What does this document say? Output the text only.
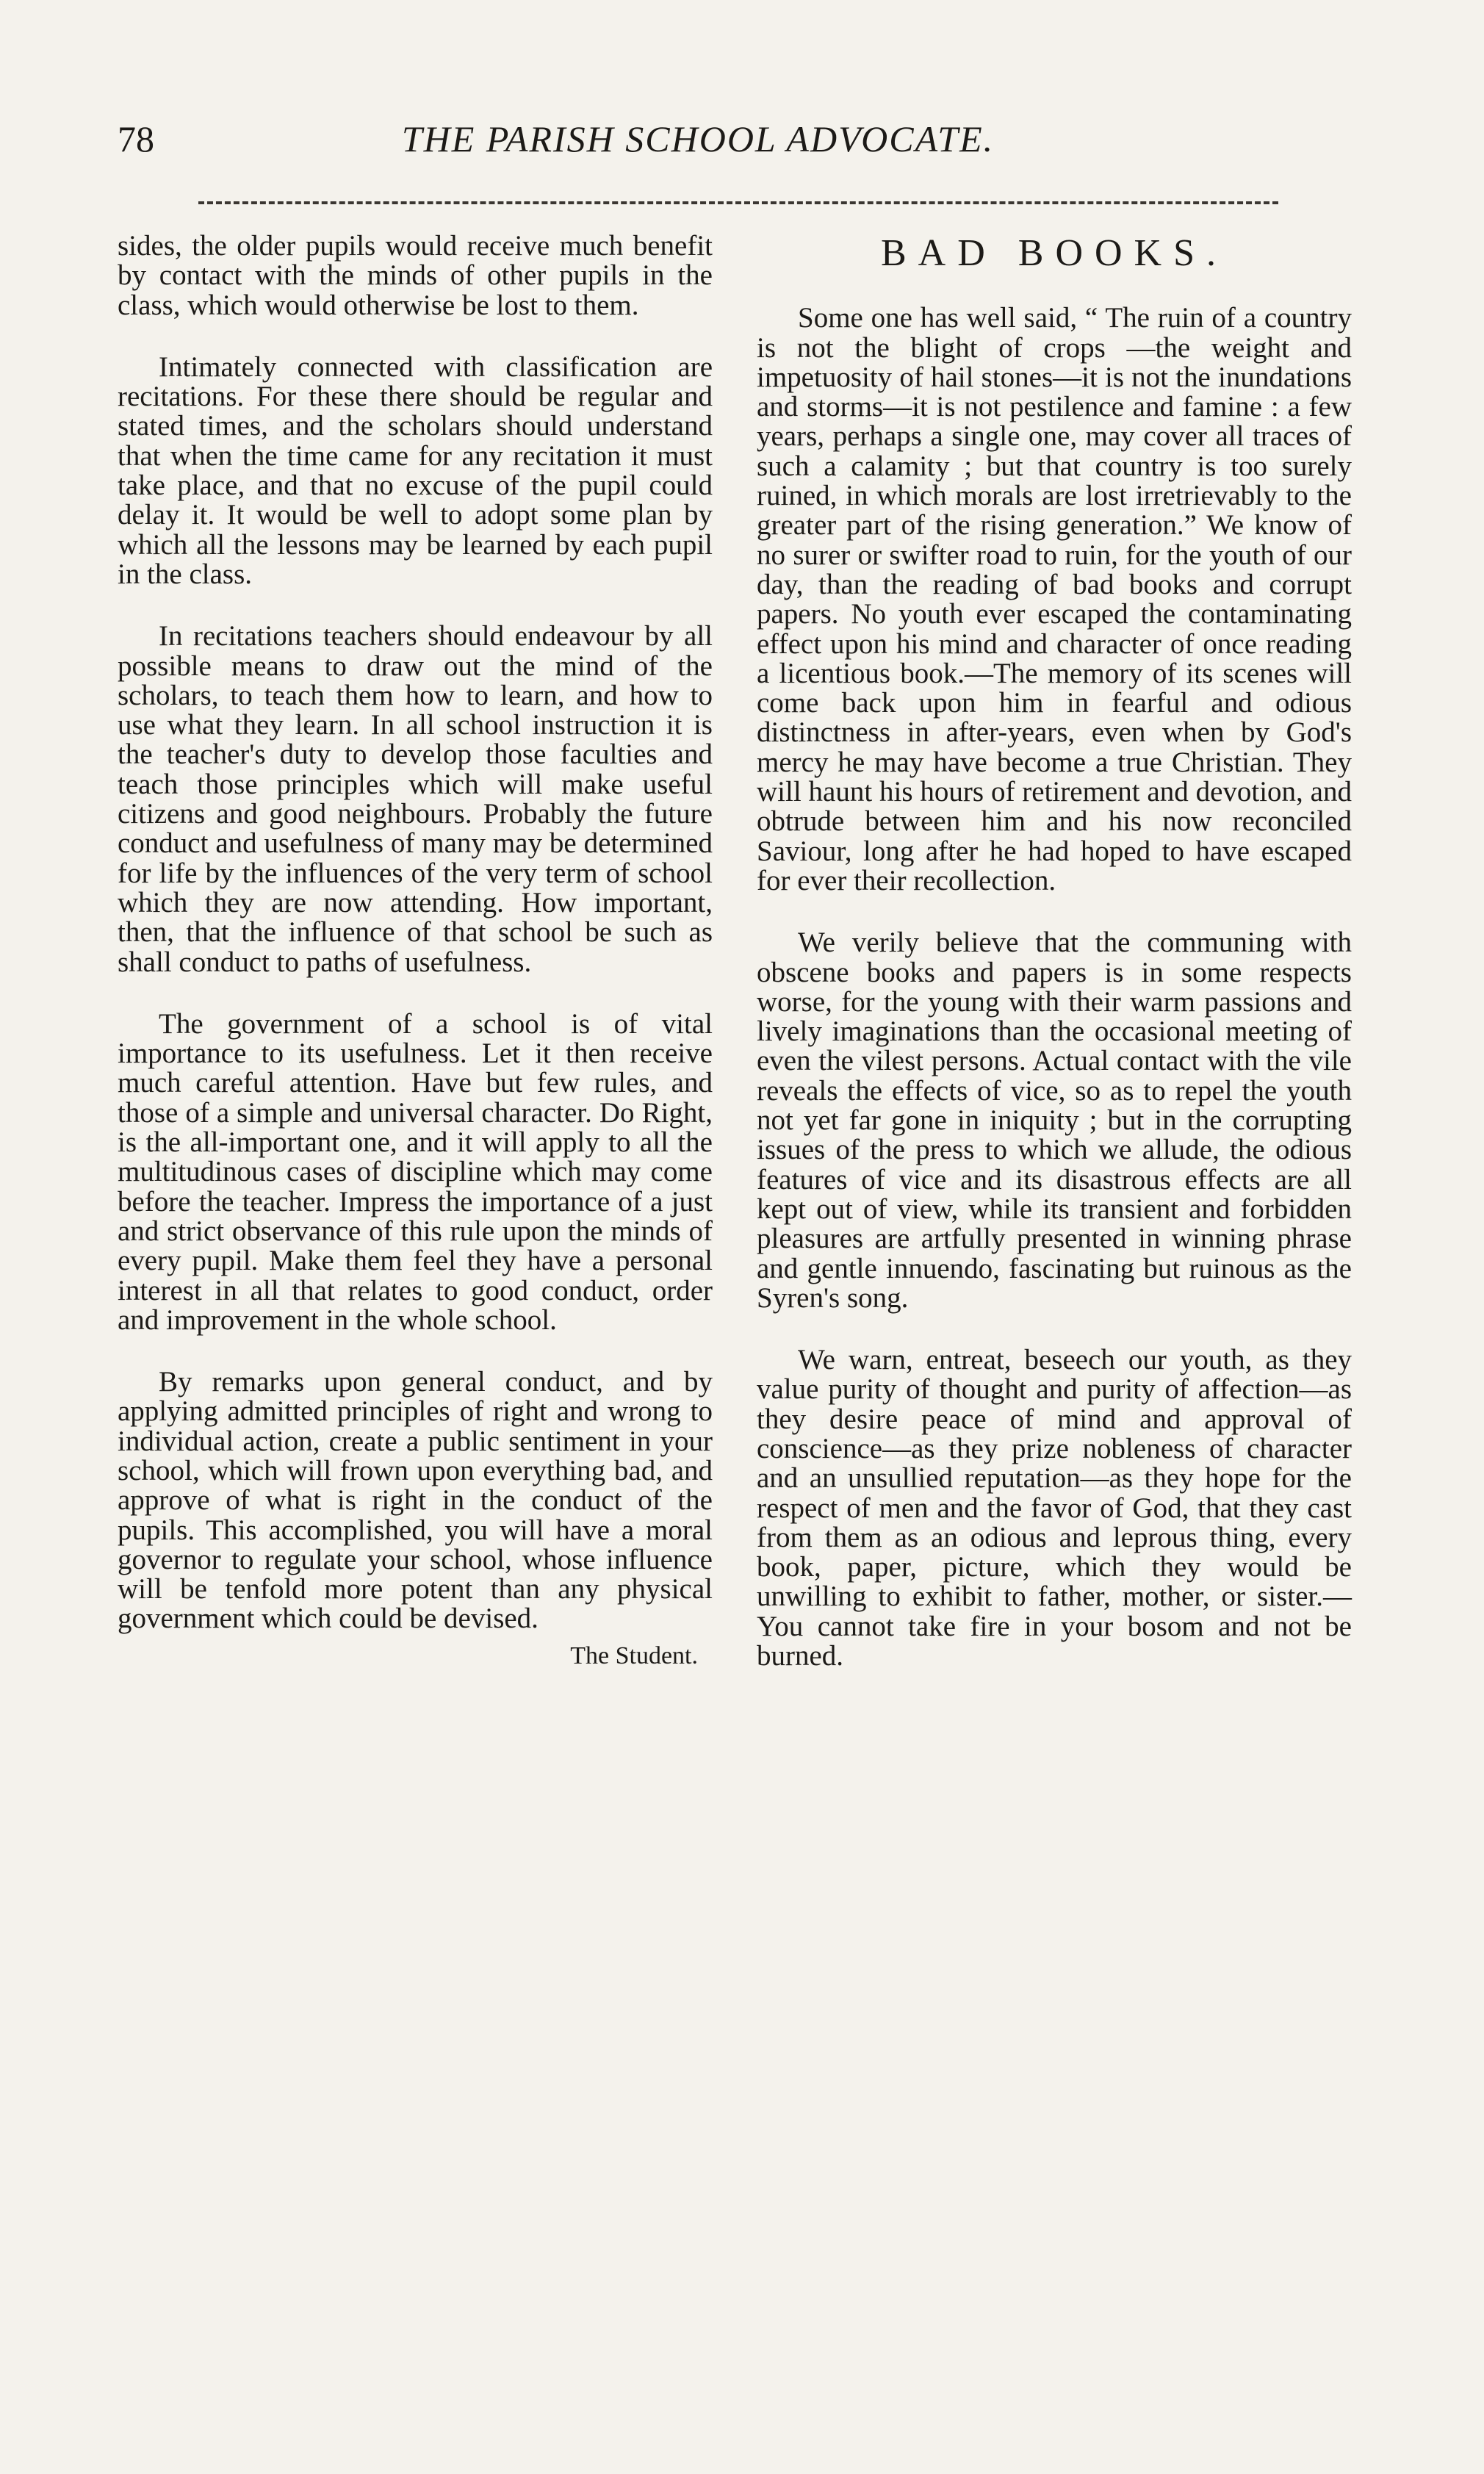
78	THE PARISH SCHOOL ADVOCATE.

sides, the older pupils would receive much benefit by contact with the minds of other pupils in the class, which would otherwise be lost to them.

Intimately connected with classification are recitations. For these there should be regular and stated times, and the scholars should understand that when the time came for any recitation it must take place, and that no excuse of the pupil could delay it. It would be well to adopt some plan by which all the lessons may be learned by each pupil in the class.

In recitations teachers should endeavour by all possible means to draw out the mind of the scholars, to teach them how to learn, and how to use what they learn. In all school instruction it is the teacher's duty to develop those faculties and teach those principles which will make useful citizens and good neighbours. Probably the future conduct and usefulness of many may be determined for life by the influences of the very term of school which they are now attending. How important, then, that the influence of that school be such as shall conduct to paths of usefulness.

The government of a school is of vital importance to its usefulness. Let it then receive much careful attention. Have but few rules, and those of a simple and universal character. Do Right, is the all-important one, and it will apply to all the multitudinous cases of discipline which may come before the teacher. Impress the importance of a just and strict observance of this rule upon the minds of every pupil. Make them feel they have a personal interest in all that relates to good conduct, order and improvement in the whole school.

By remarks upon general conduct, and by applying admitted principles of right and wrong to individual action, create a public sentiment in your school, which will frown upon everything bad, and approve of what is right in the conduct of the pupils. This accomplished, you will have a moral governor to regulate your school, whose influence will be tenfold more potent than any physical government which could be devised.

The Student.
BAD BOOKS.

Some one has well said, “ The ruin of a country is not the blight of crops —the weight and impetuosity of hail stones—it is not the inundations and storms—it is not pestilence and famine : a few years, perhaps a single one, may cover all traces of such a calamity ; but that country is too surely ruined, in which morals are lost irretrievably to the greater part of the rising generation.” We know of no surer or swifter road to ruin, for the youth of our day, than the reading of bad books and corrupt papers. No youth ever escaped the contaminating effect upon his mind and character of once reading a licentious book.—The memory of its scenes will come back upon him in fearful and odious distinctness in after-years, even when by God's mercy he may have become a true Christian. They will haunt his hours of retirement and devotion, and obtrude between him and his now reconciled Saviour, long after he had hoped to have escaped for ever their recollection.

We verily believe that the communing with obscene books and papers is in some respects worse, for the young with their warm passions and lively imaginations than the occasional meeting of even the vilest persons. Actual contact with the vile reveals the effects of vice, so as to repel the youth not yet far gone in iniquity ; but in the corrupting issues of the press to which we allude, the odious features of vice and its disastrous effects are all kept out of view, while its transient and forbidden pleasures are artfully presented in winning phrase and gentle innuendo, fascinating but ruinous as the Syren's song.

We warn, entreat, beseech our youth, as they value purity of thought and purity of affection—as they desire peace of mind and approval of conscience—as they prize nobleness of character and an unsullied reputation—as they hope for the respect of men and the favor of God, that they cast from them as an odious and leprous thing, every book, paper, picture, which they would be unwilling to exhibit to father, mother, or sister.—You cannot take fire in your bosom and not be burned.
